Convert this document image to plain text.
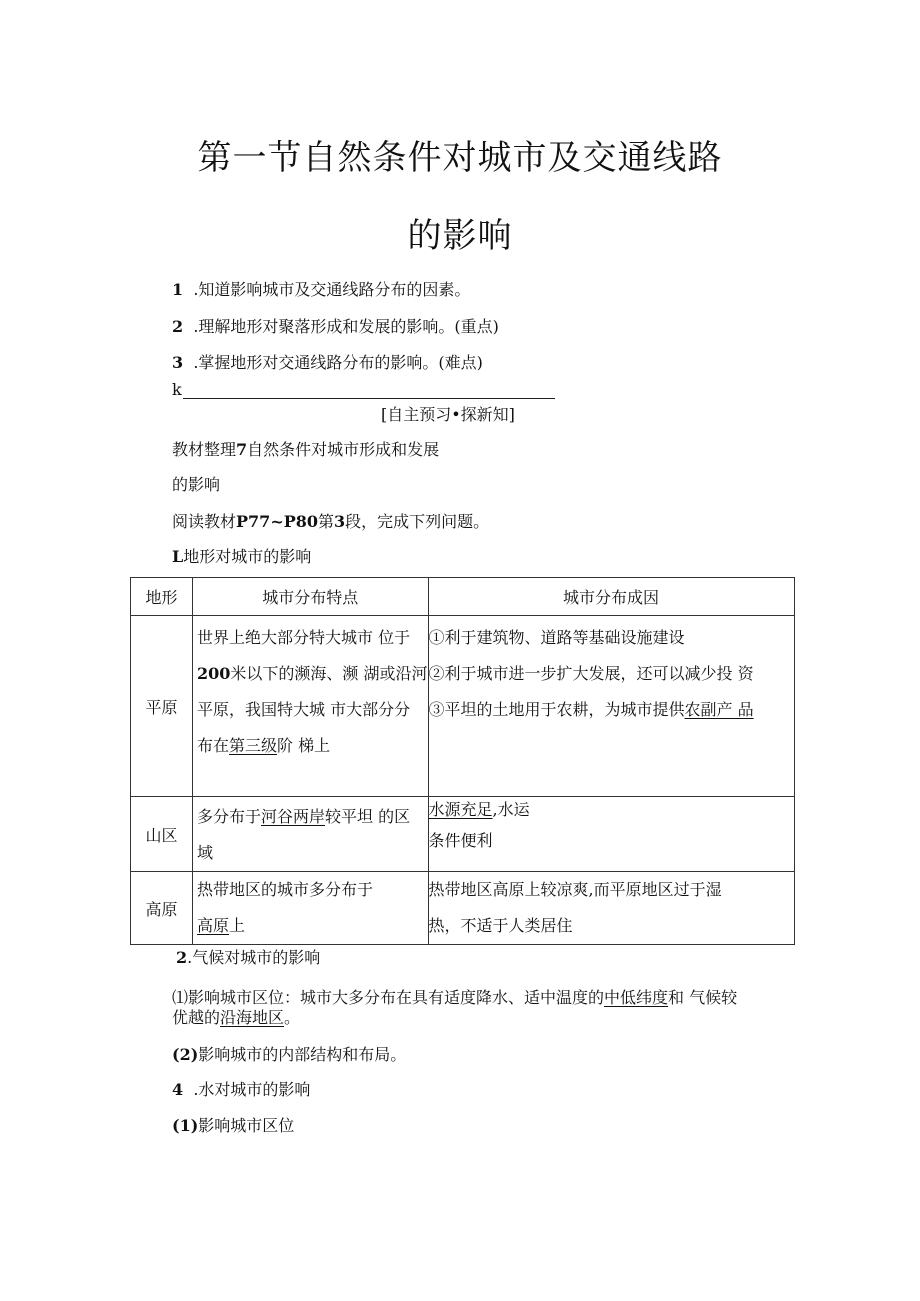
第一节自然条件对城市及交通线路
的影响
1 .知道影响城市及交通线路分布的因素。
2 .理解地形对聚落形成和发展的影响。(重点)
3 .掌握地形对交通线路分布的影响。(难点)
k
[自主预习•探新知]
教材整理7自然条件对城市形成和发展
的影响
阅读教材P77~P80第3段，完成下列问题。
L地形对城市的影响
地形	城市分布特点	城市分布成因
平原	世界上绝大部分特大城市 位于
200米以下的濒海、濒 湖或沿河
平原，我国特大城 市大部分分
布在第三级阶 梯上	①利于建筑物、道路等基础设施建设
②利于城市进一步扩大发展，还可以减少投 资
③平坦的土地用于农耕，为城市提供农副产 品

山区	多分布于河谷两岸较平坦 的区
域	水源充足,水运
条件便利

高原	热带地区的城市多分布于
高原上	热带地区高原上较凉爽,而平原地区过于湿
热，不适于人类居住
2.气候对城市的影响
⑴影响城市区位：城市大多分布在具有适度降水、适中温度的中低纬度和 气候较
优越的沿海地区。
(2)影响城市的内部结构和布局。
4 .水对城市的影响
(1)影响城市区位
